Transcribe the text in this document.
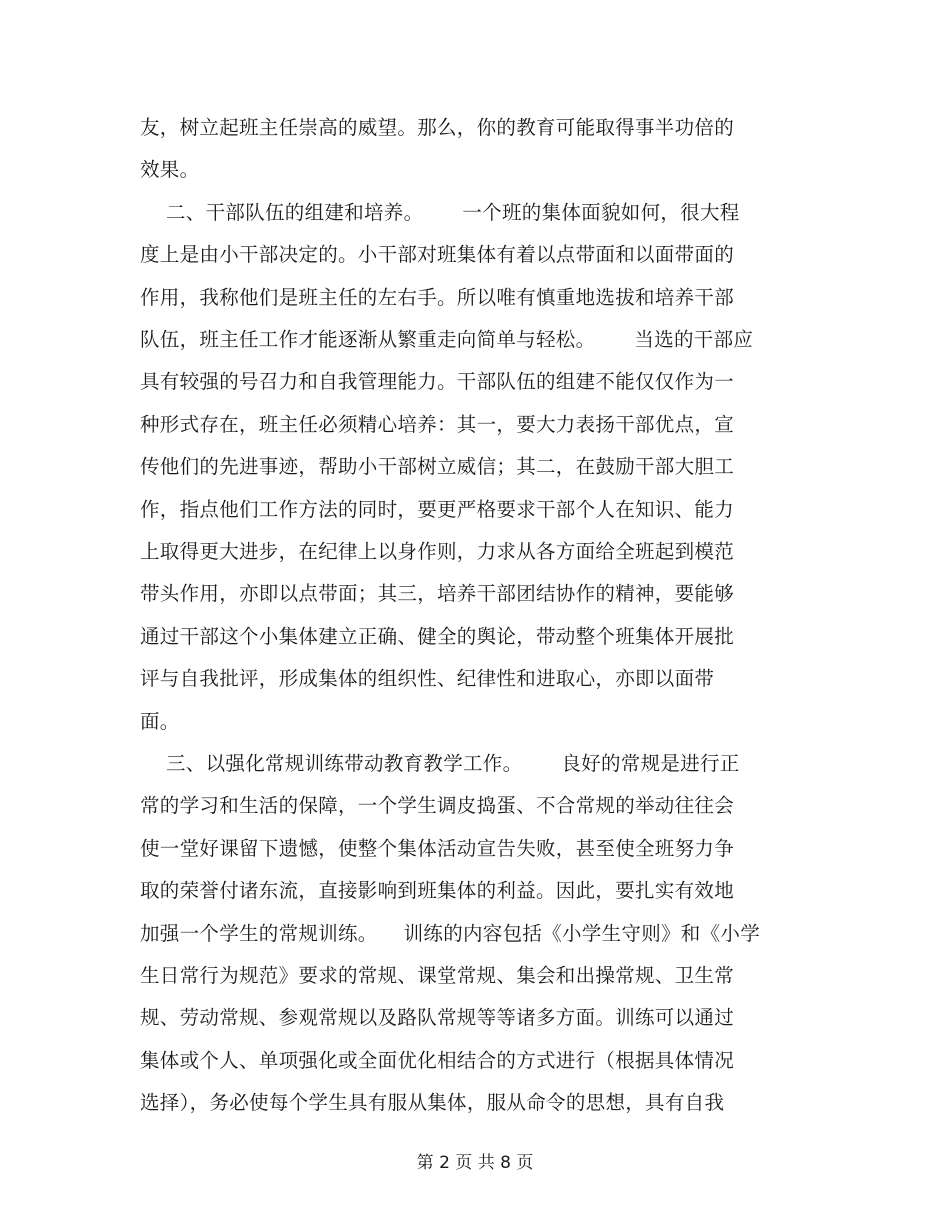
友，树立起班主任崇高的威望。那么，你的教育可能取得事半功倍的
效果。
二、干部队伍的组建和培养。      一个班的集体面貌如何，很大程
度上是由小干部决定的。小干部对班集体有着以点带面和以面带面的
作用，我称他们是班主任的左右手。所以唯有慎重地选拔和培养干部
队伍，班主任工作才能逐渐从繁重走向简单与轻松。      当选的干部应
具有较强的号召力和自我管理能力。干部队伍的组建不能仅仅作为一
种形式存在，班主任必须精心培养：其一，要大力表扬干部优点，宣
传他们的先进事迹，帮助小干部树立威信；其二，在鼓励干部大胆工
作，指点他们工作方法的同时，要更严格要求干部个人在知识、能力
上取得更大进步，在纪律上以身作则，力求从各方面给全班起到模范
带头作用，亦即以点带面；其三，培养干部团结协作的精神，要能够
通过干部这个小集体建立正确、健全的舆论，带动整个班集体开展批
评与自我批评，形成集体的组织性、纪律性和进取心，亦即以面带
面。
三、以强化常规训练带动教育教学工作。      良好的常规是进行正
常的学习和生活的保障，一个学生调皮捣蛋、不合常规的举动往往会
使一堂好课留下遗憾，使整个集体活动宣告失败，甚至使全班努力争
取的荣誉付诸东流，直接影响到班集体的利益。因此，要扎实有效地
加强一个学生的常规训练。    训练的内容包括《小学生守则》和《小学
生日常行为规范》要求的常规、课堂常规、集会和出操常规、卫生常
规、劳动常规、参观常规以及路队常规等等诸多方面。训练可以通过
集体或个人、单项强化或全面优化相结合的方式进行（根据具体情况
选择），务必使每个学生具有服从集体，服从命令的思想，具有自我
第 2 页 共 8 页
